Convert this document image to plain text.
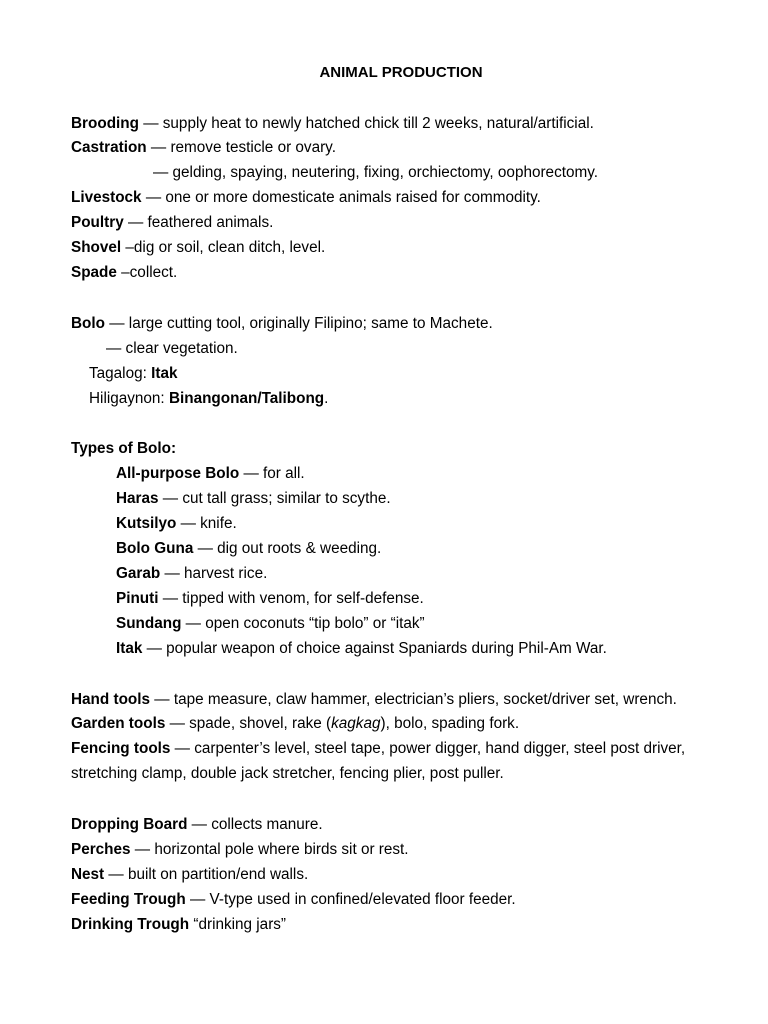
ANIMAL PRODUCTION
Brooding — supply heat to newly hatched chick till 2 weeks, natural/artificial.
Castration — remove testicle or ovary.
— gelding, spaying, neutering, fixing, orchiectomy, oophorectomy.
Livestock — one or more domesticate animals raised for commodity.
Poultry — feathered animals.
Shovel –dig or soil, clean ditch, level.
Spade –collect.
Bolo — large cutting tool, originally Filipino; same to Machete.
— clear vegetation.
Tagalog: Itak
Hiligaynon: Binangonan/Talibong.
Types of Bolo:
All-purpose Bolo — for all.
Haras — cut tall grass; similar to scythe.
Kutsilyo — knife.
Bolo Guna — dig out roots & weeding.
Garab — harvest rice.
Pinuti — tipped with venom, for self-defense.
Sundang — open coconuts “tip bolo” or “itak”
Itak — popular weapon of choice against Spaniards during Phil-Am War.
Hand tools — tape measure, claw hammer, electrician’s pliers, socket/driver set, wrench.
Garden tools — spade, shovel, rake (kagkag), bolo, spading fork.
Fencing tools — carpenter’s level, steel tape, power digger, hand digger, steel post driver,
stretching clamp, double jack stretcher, fencing plier, post puller.
Dropping Board — collects manure.
Perches — horizontal pole where birds sit or rest.
Nest — built on partition/end walls.
Feeding Trough — V-type used in confined/elevated floor feeder.
Drinking Trough “drinking jars”
